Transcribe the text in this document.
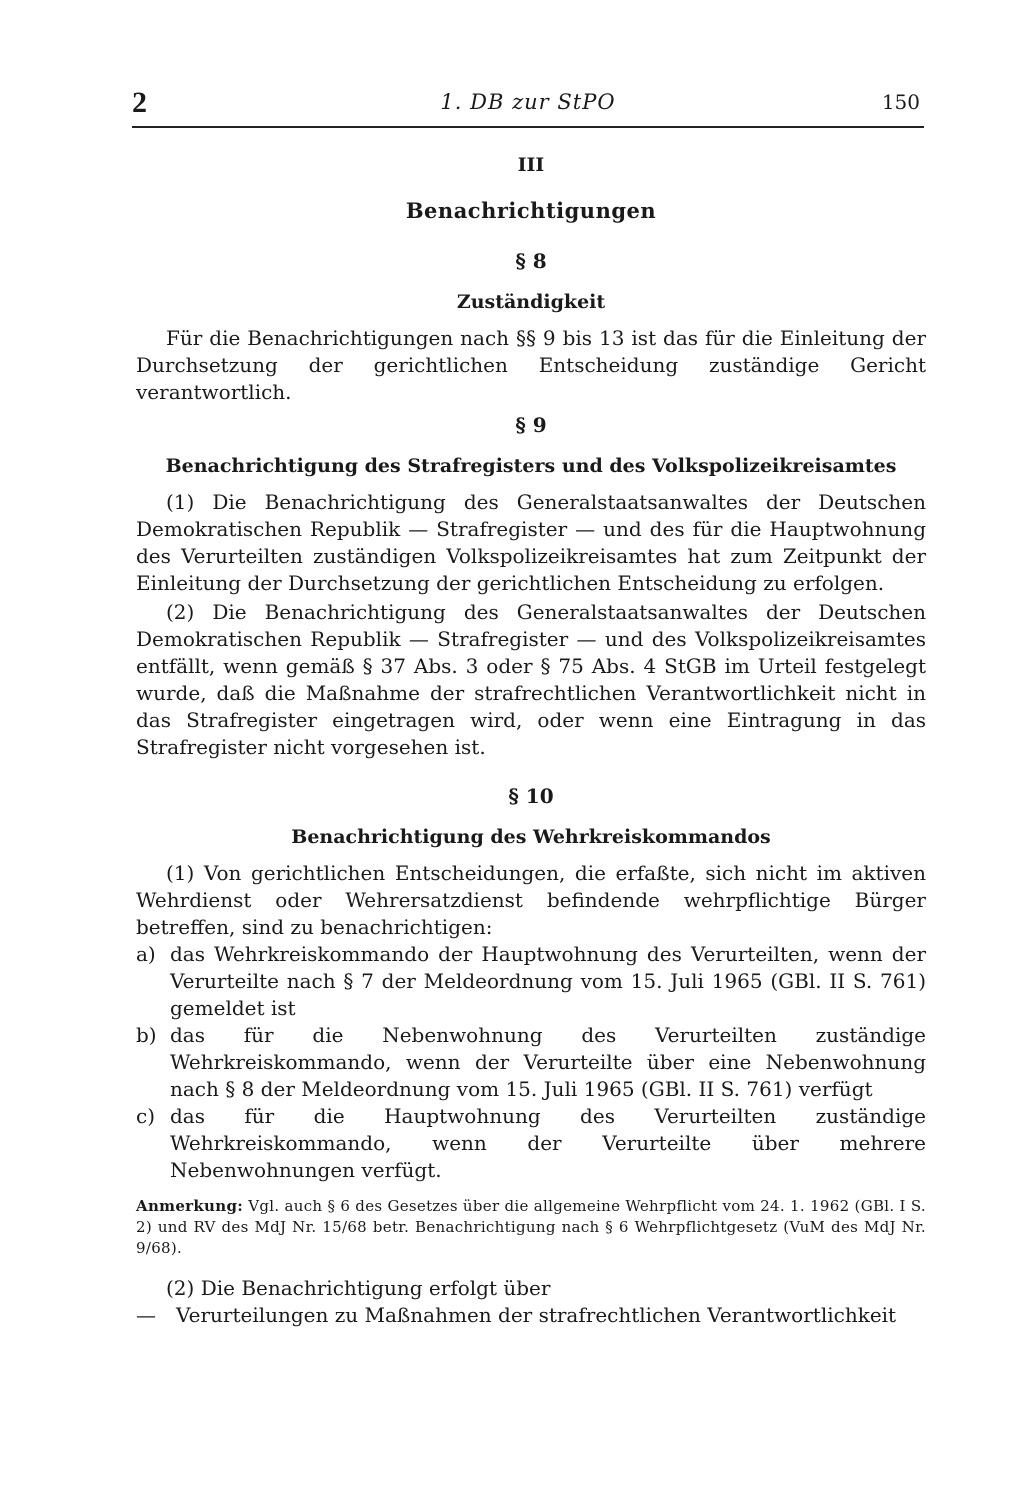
2	1. DB zur StPO	150
III
Benachrichtigungen
§ 8
Zuständigkeit

Für die Benachrichtigungen nach §§ 9 bis 13 ist das für die Einleitung der Durchsetzung der gerichtlichen Entscheidung zuständige Gericht verantwortlich.

§ 9
Benachrichtigung des Strafregisters und des Volkspolizeikreisamtes

(1) Die Benachrichtigung des Generalstaatsanwaltes der Deutschen Demokratischen Republik — Strafregister — und des für die Hauptwohnung des Verurteilten zuständigen Volkspolizeikreisamtes hat zum Zeitpunkt der Einleitung der Durchsetzung der gerichtlichen Entscheidung zu erfolgen.

(2) Die Benachrichtigung des Generalstaatsanwaltes der Deutschen Demokratischen Republik — Strafregister — und des Volkspolizeikreisamtes entfällt, wenn gemäß § 37 Abs. 3 oder § 75 Abs. 4 StGB im Urteil festgelegt wurde, daß die Maßnahme der strafrechtlichen Verantwortlichkeit nicht in das Strafregister eingetragen wird, oder wenn eine Eintragung in das Strafregister nicht vorgesehen ist.

§ 10
Benachrichtigung des Wehrkreiskommandos

(1) Von gerichtlichen Entscheidungen, die erfaßte, sich nicht im aktiven Wehrdienst oder Wehrersatzdienst befindende wehrpflichtige Bürger betreffen, sind zu benachrichtigen:

a) das Wehrkreiskommando der Hauptwohnung des Verurteilten, wenn der Verurteilte nach § 7 der Meldeordnung vom 15. Juli 1965 (GBl. II S. 761) gemeldet ist
b) das für die Nebenwohnung des Verurteilten zuständige Wehrkreiskommando, wenn der Verurteilte über eine Nebenwohnung nach § 8 der Meldeordnung vom 15. Juli 1965 (GBl. II S. 761) verfügt
c) das für die Hauptwohnung des Verurteilten zuständige Wehrkreiskommando, wenn der Verurteilte über mehrere Nebenwohnungen verfügt.
Anmerkung: Vgl. auch § 6 des Gesetzes über die allgemeine Wehrpflicht vom 24. 1. 1962 (GBl. I S. 2) und RV des MdJ Nr. 15/68 betr. Benachrichtigung nach § 6 Wehrpflichtgesetz (VuM des MdJ Nr. 9/68).

(2) Die Benachrichtigung erfolgt über

— Verurteilungen zu Maßnahmen der strafrechtlichen Verantwortlichkeit
